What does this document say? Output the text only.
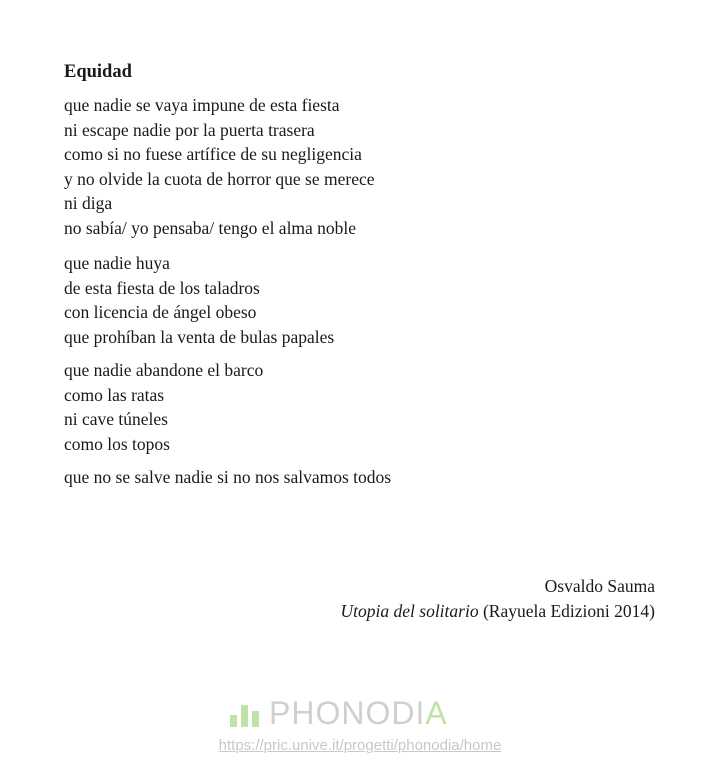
Equidad

que nadie se vaya impune de esta fiesta
ni escape nadie por la puerta trasera
como si no fuese artífice de su negligencia
y no olvide la cuota de horror que se merece
ni diga
no sabía/ yo pensaba/ tengo el alma noble

que nadie huya
de esta fiesta de los taladros
con licencia de ángel obeso
que prohíban la venta de bulas papales

que nadie abandone el barco
como las ratas
ni cave túneles
como los topos

que no se salve nadie si no nos salvamos todos

Osvaldo Sauma
Utopia del solitario (Rayuela Edizioni 2014)
PHONODIA
https://pric.unive.it/progetti/phonodia/home
